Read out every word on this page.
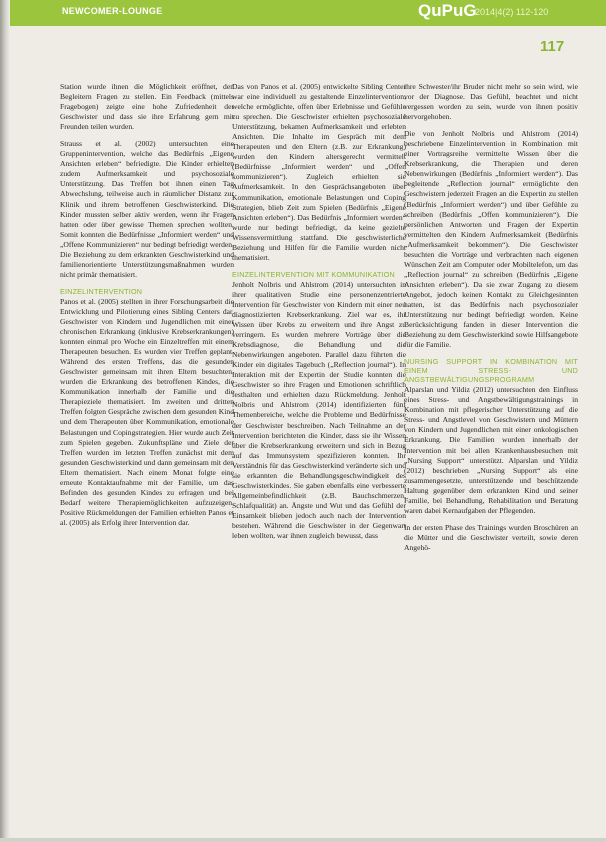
NEWCOMER-LOUNGE	QuPuG
2014|4(2) 112-120
117

Station wurde ihnen die Möglichkeit eröffnet, den Begleitern Fragen zu stellen. Ein Feedback (mittels Fragebogen) zeigte eine hohe Zufriedenheit der Geschwister und dass sie ihre Erfahrung gern mit Freunden teilen wurden.

Strauss et al. (2002) untersuchten eine Gruppenintervention, welche das Bedürfnis „Eigene Ansichten erleben“ befriedigte. Die Kinder erhielten zudem Aufmerksamkeit und psychosoziale Unterstützung. Das Treffen bot ihnen einen Tag Abwechslung, teilweise auch in räumlicher Distanz zur Klinik und ihrem betroffenen Geschwisterkind. Die Kinder mussten selber aktiv werden, wenn ihr Fragen hatten oder über gewisse Themen sprechen wollten. Somit konnten die Bedürfnisse „Informiert werden“ und „Offene Kommunizieren“ nur bedingt befriedigt werden. Die Beziehung zu dem erkrankten Geschwisterkind und familienorientierte Unterstützungsmaßnahmen wurden nicht primär thematisiert.

EINZELINTERVENTION

Panos et al. (2005) stellten in ihrer Forschungsarbeit die Entwicklung und Pilotierung eines Sibling Centers dar. Geschwister von Kindern und Jugendlichen mit einer chronischen Erkrankung (inklusive Krebserkrankungen) konnten einmal pro Woche ein Einzeltreffen mit einem Therapeuten besuchen. Es wurden vier Treffen geplant. Während des ersten Treffens, das die gesunden Geschwister gemeinsam mit ihren Eltern besuchten, wurden die Erkrankung des betroffenen Kindes, die Kommunikation innerhalb der Familie und die Therapieziele thematisiert. Im zweiten und dritten Treffen folgten Gespräche zwischen dem gesunden Kind und dem Therapeuten über Kommunikation, emotionale Belastungen und Copingstrategien. Hier wurde auch Zeit zum Spielen gegeben. Zukunftspläne und Ziele der Treffen wurden im letzten Treffen zunächst mit dem gesunden Geschwisterkind und dann gemeinsam mit den Eltern thematisiert. Nach einem Monat folgte eine erneute Kontaktaufnahme mit der Familie, um das Befinden des gesunden Kindes zu erfragen und bei Bedarf weitere Therapiemöglichkeiten aufzuzeigen. Positive Rückmeldungen der Familien erhielten Panos et al. (2005) als Erfolg ihrer Intervention dar.

Das von Panos et al. (2005) entwickelte Sibling Center war eine individuell zu gestaltende Einzelintervention, welche ermöglichte, offen über Erlebnisse und Gefühle zu sprechen. Die Geschwister erhielten psychosoziale Unterstützung, bekamen Aufmerksamkeit und erlebten Ansichten. Die Inhalte im Gespräch mit dem Therapeuten und den Eltern (z.B. zur Erkrankung) wurden den Kindern altersgerecht vermittelt (Bedürfnisse „Informiert werden“ und „Offen kommunizieren“). Zugleich erhielten sie Aufmerksamkeit. In den Gesprächsangeboten über Kommunikation, emotionale Belastungen und Coping Strategien, blieb Zeit zum Spielen (Bedürfnis „Eigene Ansichten erleben“). Das Bedürfnis „Informiert werden“ wurde nur bedingt befriedigt, da keine gezielte Wissensvermittlung stattfand. Die geschwisterliche Beziehung und Hilfen für die Familie wurden nicht thematisiert.

EINZELINTERVENTION MIT KOMMUNIKATION

Jenholt Nolbris und Ahlstrom (2014) untersuchten in ihrer qualitativen Studie eine personenzentrierte Intervention für Geschwister von Kindern mit einer neu diagnostizierten Krebserkrankung. Ziel war es, ihr Wissen über Krebs zu erweitern und ihre Angst zu verringern. Es wurden mehrere Vorträge über die Krebsdiagnose, die Behandlung und die Nebenwirkungen angeboten. Parallel dazu führten die Kinder ein digitales Tagebuch („Reflection journal“). In Interaktion mit der Expertin der Studie konnten die Geschwister so ihre Fragen und Emotionen schriftlich festhalten und erhielten dazu Rückmeldung. Jenholt Nolbris und Ahlstrom (2014) identifizierten fünf Themenbereiche, welche die Probleme und Bedürfnisse der Geschwister beschreiben. Nach Teilnahme an der Intervention berichteten die Kinder, dass sie ihr Wissen über die Krebserkrankung erweitern und sich in Bezug auf das Immunsystem spezifizieren konnten. Ihr Verständnis für das Geschwisterkind veränderte sich und sie erkannten die Behandlungsgeschwindigkeit des Geschwisterkindes. Sie gaben ebenfalls eine verbesserte Allgemeinbefindlichkeit (z.B. Bauchschmerzen, Schlafqualität) an. Ängste und Wut und das Gefühl der Einsamkeit blieben jedoch auch nach der Intervention bestehen. Während die Geschwister in der Gegenwart leben wollten, war ihnen zugleich bewusst, dass

ihre Schwester/ihr Bruder nicht mehr so sein wird, wie vor der Diagnose. Das Gefühl, beachtet und nicht vergessen worden zu sein, wurde von ihnen positiv hervorgehoben.

Die von Jenholt Nolbris und Ahlstrom (2014) beschriebene Einzelintervention in Kombination mit einer Vortragsreihe vermittelte Wissen über die Krebserkrankung, die Therapien und deren Nebenwirkungen (Bedürfnis „Informiert werden“). Das begleitende „Reflection journal“ ermöglichte den Geschwistern jederzeit Fragen an die Expertin zu stellen (Bedürfnis „Informiert werden“) und über Gefühle zu schreiben (Bedürfnis „Offen kommunizieren“). Die persönlichen Antworten und Fragen der Expertin vermittelten den Kindern Aufmerksamkeit (Bedürfnis „Aufmerksamkeit bekommen“). Die Geschwister besuchten die Vorträge und verbrachten nach eigenen Wünschen Zeit am Computer oder Mobiltelefon, um das „Reflection journal“ zu schreiben (Bedürfnis „Eigene Ansichten erleben“). Da sie zwar Zugang zu diesem Angebot, jedoch keinen Kontakt zu Gleichgesinnten hatten, ist das Bedürfnis nach psychosozialer Unterstützung nur bedingt befriedigt worden. Keine Berücksichtigung fanden in dieser Intervention die Beziehung zu dem Geschwisterkind sowie Hilfsangebote für die Familie.

NURSING SUPPORT IN KOMBINATION MIT EINEM STRESS- UND ANGSTBEWÄLTIGUNGSPROGRAMM

Alparslan und Yildiz (2012) untersuchten den Einfluss eines Stress- und Angstbewältigungstrainings in Kombination mit pflegerischer Unterstützung auf die Stress- und Angstlevel von Geschwistern und Müttern von Kindern und Jugendlichen mit einer onkologischen Erkrankung. Die Familien wurden innerhalb der Intervention mit bei allen Krankenhausbesuchen mit „Nursing Support“ unterstützt. Alparslan und Yildiz (2012) beschrieben „Nursing Support“ als eine zusammengesetzte, unterstützende und beschützende Haltung gegenüber dem erkrankten Kind und seiner Familie, bei Behandlung, Rehabilitation und Beratung waren dabei Kernaufgaben der Pflegenden.

In der ersten Phase des Trainings wurden Broschüren an die Mütter und die Geschwister verteilt, sowie deren Angehö-
